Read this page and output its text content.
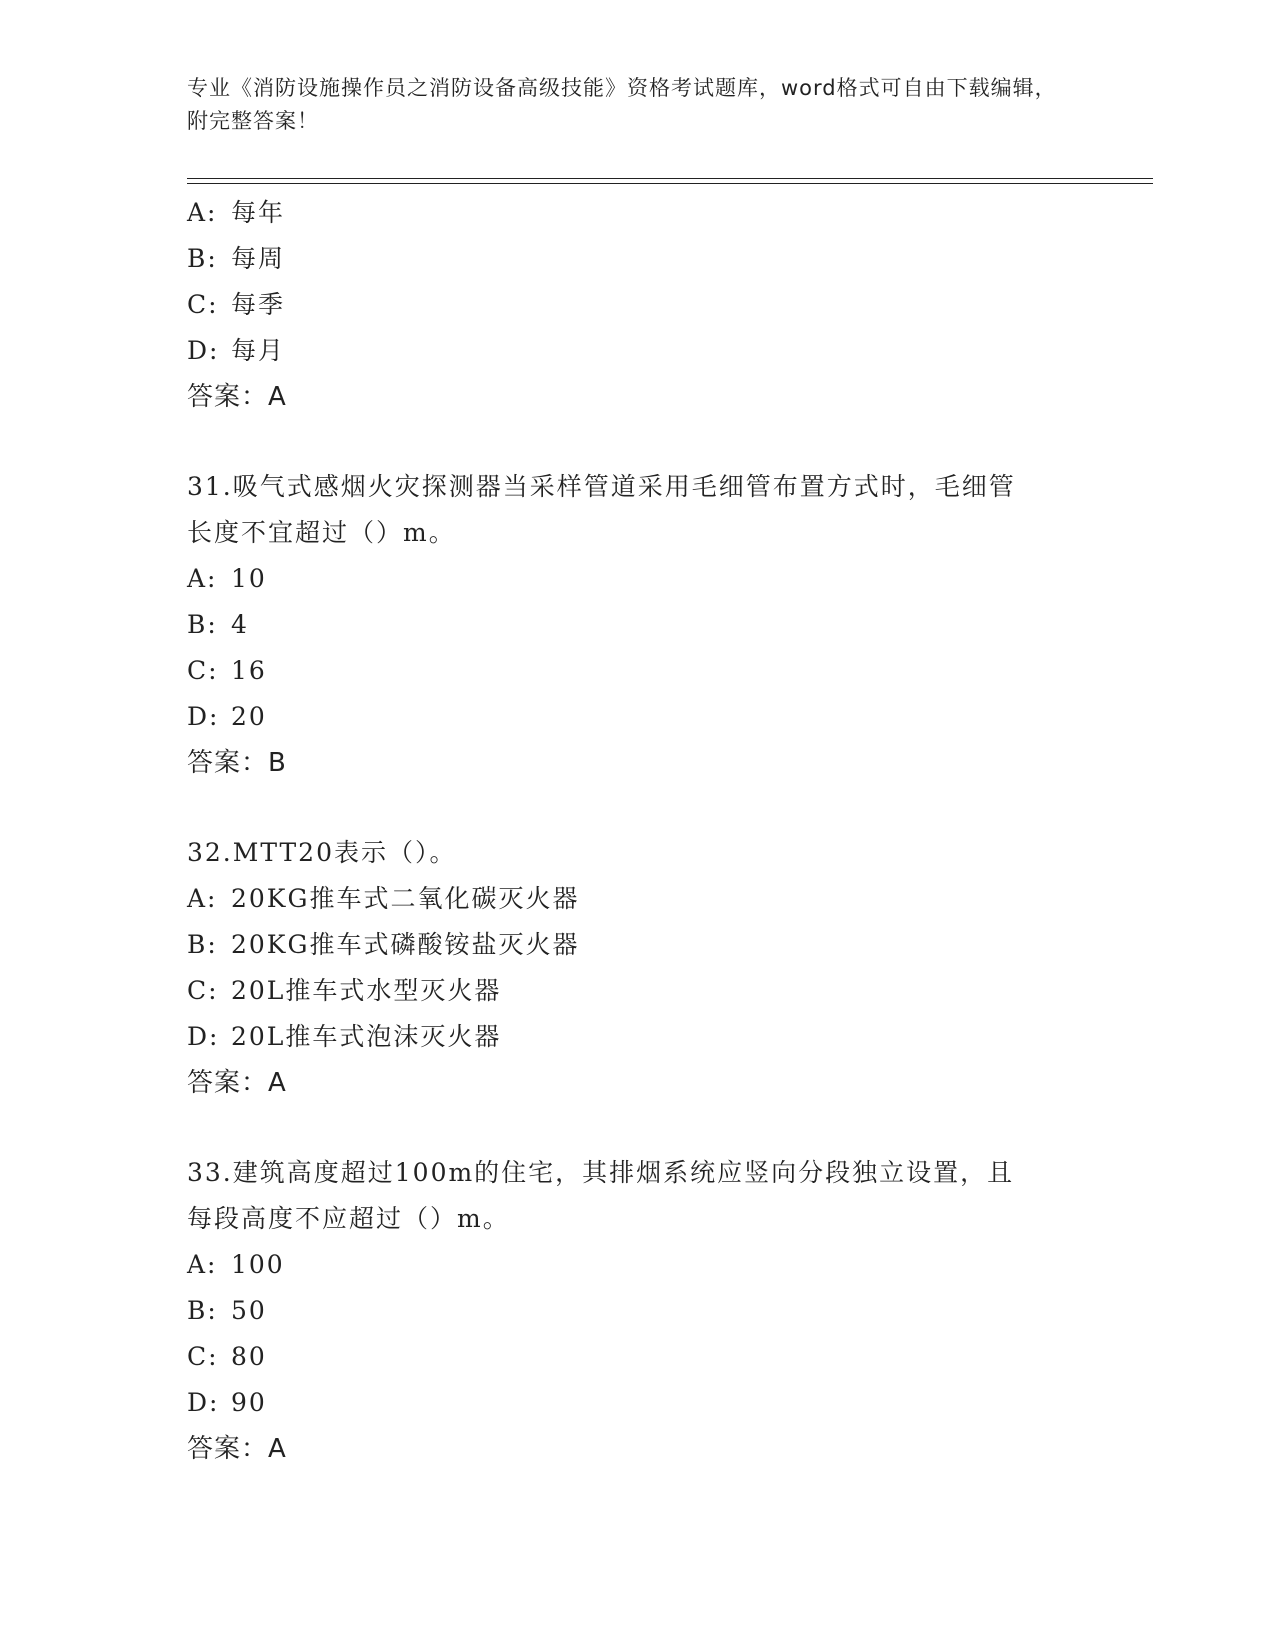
专业《消防设施操作员之消防设备高级技能》资格考试题库，word格式可自由下载编辑，附完整答案！
A: 每年
B: 每周
C: 每季
D: 每月
答案：A
31.吸气式感烟火灾探测器当采样管道采用毛细管布置方式时，毛细管
长度不宜超过（）m。
A: 10
B: 4
C: 16
D: 20
答案：B
32.MTT20表示（）。
A: 20KG推车式二氧化碳灭火器
B: 20KG推车式磷酸铵盐灭火器
C: 20L推车式水型灭火器
D: 20L推车式泡沫灭火器
答案：A
33.建筑高度超过100m的住宅，其排烟系统应竖向分段独立设置，且
每段高度不应超过（）m。
A: 100
B: 50
C: 80
D: 90
答案：A
